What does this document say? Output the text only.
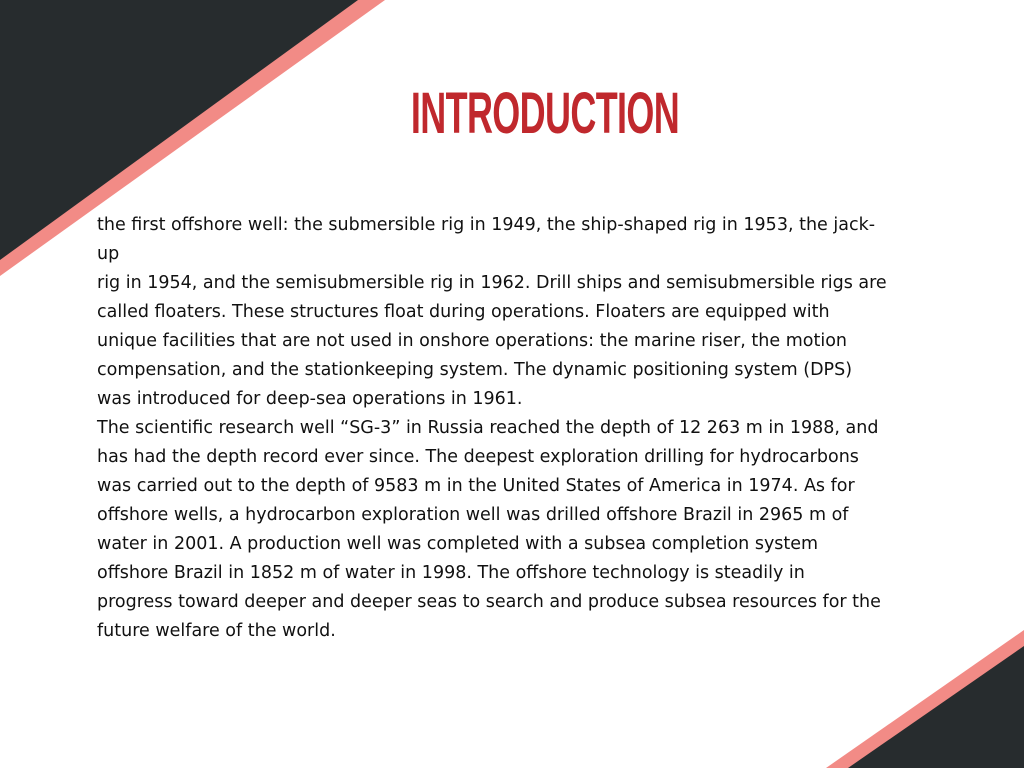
INTRODUCTION
the first offshore well: the submersible rig in 1949, the ship-shaped rig in 1953, the jack-
up
rig in 1954, and the semisubmersible rig in 1962. Drill ships and semisubmersible rigs are
called floaters. These structures float during operations. Floaters are equipped with
unique facilities that are not used in onshore operations: the marine riser, the motion
compensation, and the stationkeeping system. The dynamic positioning system (DPS)
was introduced for deep-sea operations in 1961.
The scientific research well “SG-3” in Russia reached the depth of 12 263 m in 1988, and
has had the depth record ever since. The deepest exploration drilling for hydrocarbons
was carried out to the depth of 9583 m in the United States of America in 1974. As for
offshore wells, a hydrocarbon exploration well was drilled offshore Brazil in 2965 m of
water in 2001. A production well was completed with a subsea completion system
offshore Brazil in 1852 m of water in 1998. The offshore technology is steadily in
progress toward deeper and deeper seas to search and produce subsea resources for the
future welfare of the world.
